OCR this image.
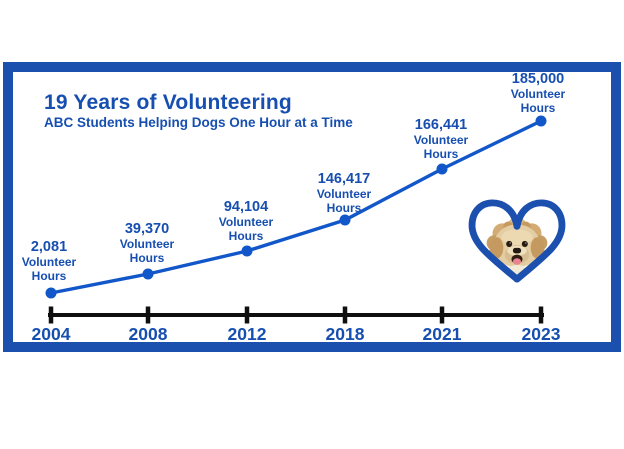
19 Years of Volunteering
ABC Students Helping Dogs One Hour at a Time
2,081
Volunteer
Hours
39,370
Volunteer
Hours
94,104
Volunteer
Hours
146,417
Volunteer
Hours
166,441
Volunteer
Hours
185,000
Volunteer
Hours
2004	2008	2012	2018	2021	2023
